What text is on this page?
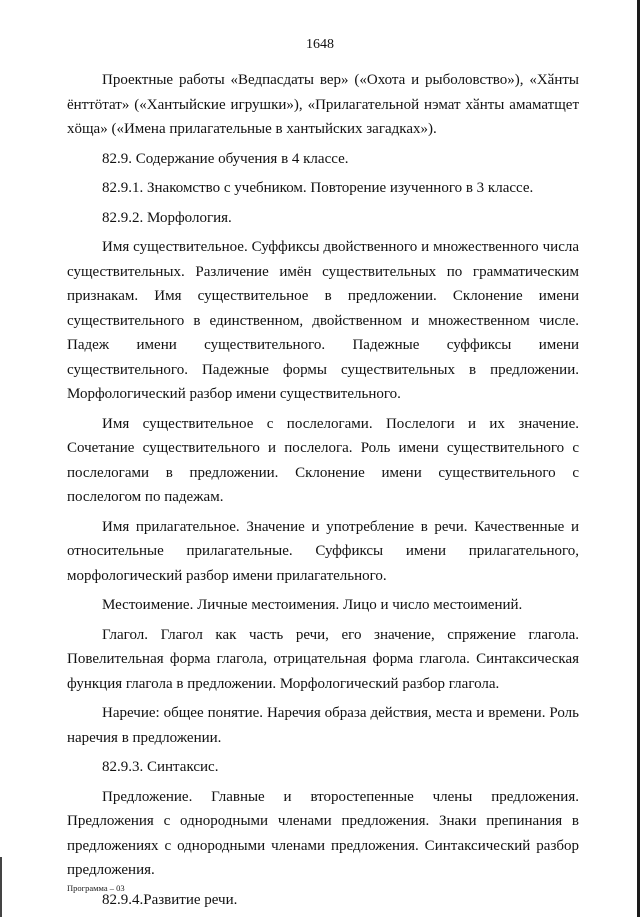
1648

Проектные работы «Ведпасдаты вер» («Охота и рыболовство»), «Хӑнты ёнттӧтат» («Хантыйские игрушки»), «Прилагательной нэмат хӑнты амаматщет хӧщa» («Имена прилагательные в хантыйских загадках»).

82.9. Содержание обучения в 4 классе.

82.9.1. Знакомство с учебником. Повторение изученного в 3 классе.

82.9.2. Морфология.

Имя существительное. Суффиксы двойственного и множественного числа существительных. Различение имён существительных по грамматическим признакам. Имя существительное в предложении. Склонение имени существительного в единственном, двойственном и множественном числе. Падеж имени существительного. Падежные суффиксы имени существительного. Падежные формы существительных в предложении. Морфологический разбор имени существительного.

Имя существительное с послелогами. Послелоги и их значение. Сочетание существительного и послелога. Роль имени существительного с послелогами в предложении. Склонение имени существительного с послелогом по падежам.

Имя прилагательное. Значение и употребление в речи. Качественные и относительные прилагательные. Суффиксы имени прилагательного, морфологический разбор имени прилагательного.

Местоимение. Личные местоимения. Лицо и число местоимений.

Глагол. Глагол как часть речи, его значение, спряжение глагола. Повелительная форма глагола, отрицательная форма глагола. Синтаксическая функция глагола в предложении. Морфологический разбор глагола.

Наречие: общее понятие. Наречия образа действия, места и времени. Роль наречия в предложении.

82.9.3. Синтаксис.

Предложение. Главные и второстепенные члены предложения. Предложения с однородными членами предложения. Знаки препинания в предложениях с однородными членами предложения. Синтаксический разбор предложения.

82.9.4.Развитие речи.

Программа – 03
